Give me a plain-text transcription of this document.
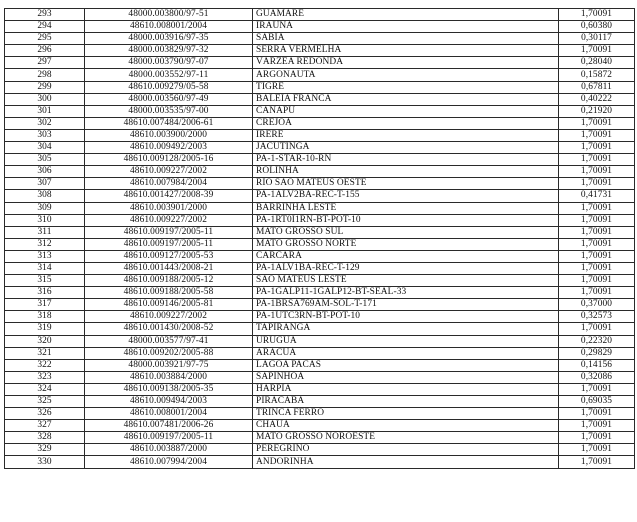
293	48000.003800/97-51	GUAMARÉ	1,70091
294	48610.008001/2004	IRAÚNA	0,60380
295	48000.003916/97-35	SABIÁ	0,30117
296	48000.003829/97-32	SERRA VERMELHA	1,70091
297	48000.003790/97-07	VÁRZEA REDONDA	0,28040
298	48000.003552/97-11	ARGONAUTA	0,15872
299	48610.009279/05-58	TIGRE	0,67811
300	48000.003560/97-49	BALEIA FRANCA	0,40222
301	48000.003535/97-00	CANAPU	0,21920
302	48610.007484/2006-61	CREJOÁ	1,70091
303	48610.003900/2000	IRERÊ	1,70091
304	48610.009492/2003	JACUTINGA	1,70091
305	48610.009128/2005-16	PA-1-STAR-10-RN	1,70091
306	48610.009227/2002	ROLINHA	1,70091
307	48610.007984/2004	RIO SÃO MATEUS OESTE	1,70091
308	48610.001427/2008-39	PA-1ALV2BA-REC-T-155	0,41731
309	48610.003901/2000	BARRINHA LESTE	1,70091
310	48610.009227/2002	PA-1RT0I1RN-BT-POT-10	1,70091
311	48610.009197/2005-11	MATO GROSSO SUL	1,70091
312	48610.009197/2005-11	MATO GROSSO NORTE	1,70091
313	48610.009127/2005-53	CARCARÁ	1,70091
314	48610.001443/2008-21	PA-1ALV1BA-REC-T-129	1,70091
315	48610.009188/2005-12	SÃO MATEUS LESTE	1,70091
316	48610.009188/2005-58	PA-1GALP11-1GALP12-BT-SEAL-33	1,70091
317	48610.009146/2005-81	PA-1BRSA769AM-SOL-T-171	0,37000
318	48610.009227/2002	PA-1UTC3RN-BT-POT-10	0,32573
319	48610.001430/2008-52	TAPIRANGA	1,70091
320	48000.003577/97-41	URUGUÁ	0,22320
321	48610.009202/2005-88	ARACUÁ	0,29829
322	48000.003921/97-75	LAGOA PACAS	0,14156
323	48610.003884/2000	SAPINHOÁ	0,32086
324	48610.009138/2005-35	HARPIA	1,70091
325	48610.009494/2003	PIRACABA	0,69035
326	48610.008001/2004	TRINCA FERRO	1,70091
327	48610.007481/2006-26	CHAUÁ	1,70091
328	48610.009197/2005-11	MATO GROSSO NOROESTE	1,70091
329	48610.003887/2000	PEREGRINO	1,70091
330	48610.007994/2004	ANDORINHA	1,70091
